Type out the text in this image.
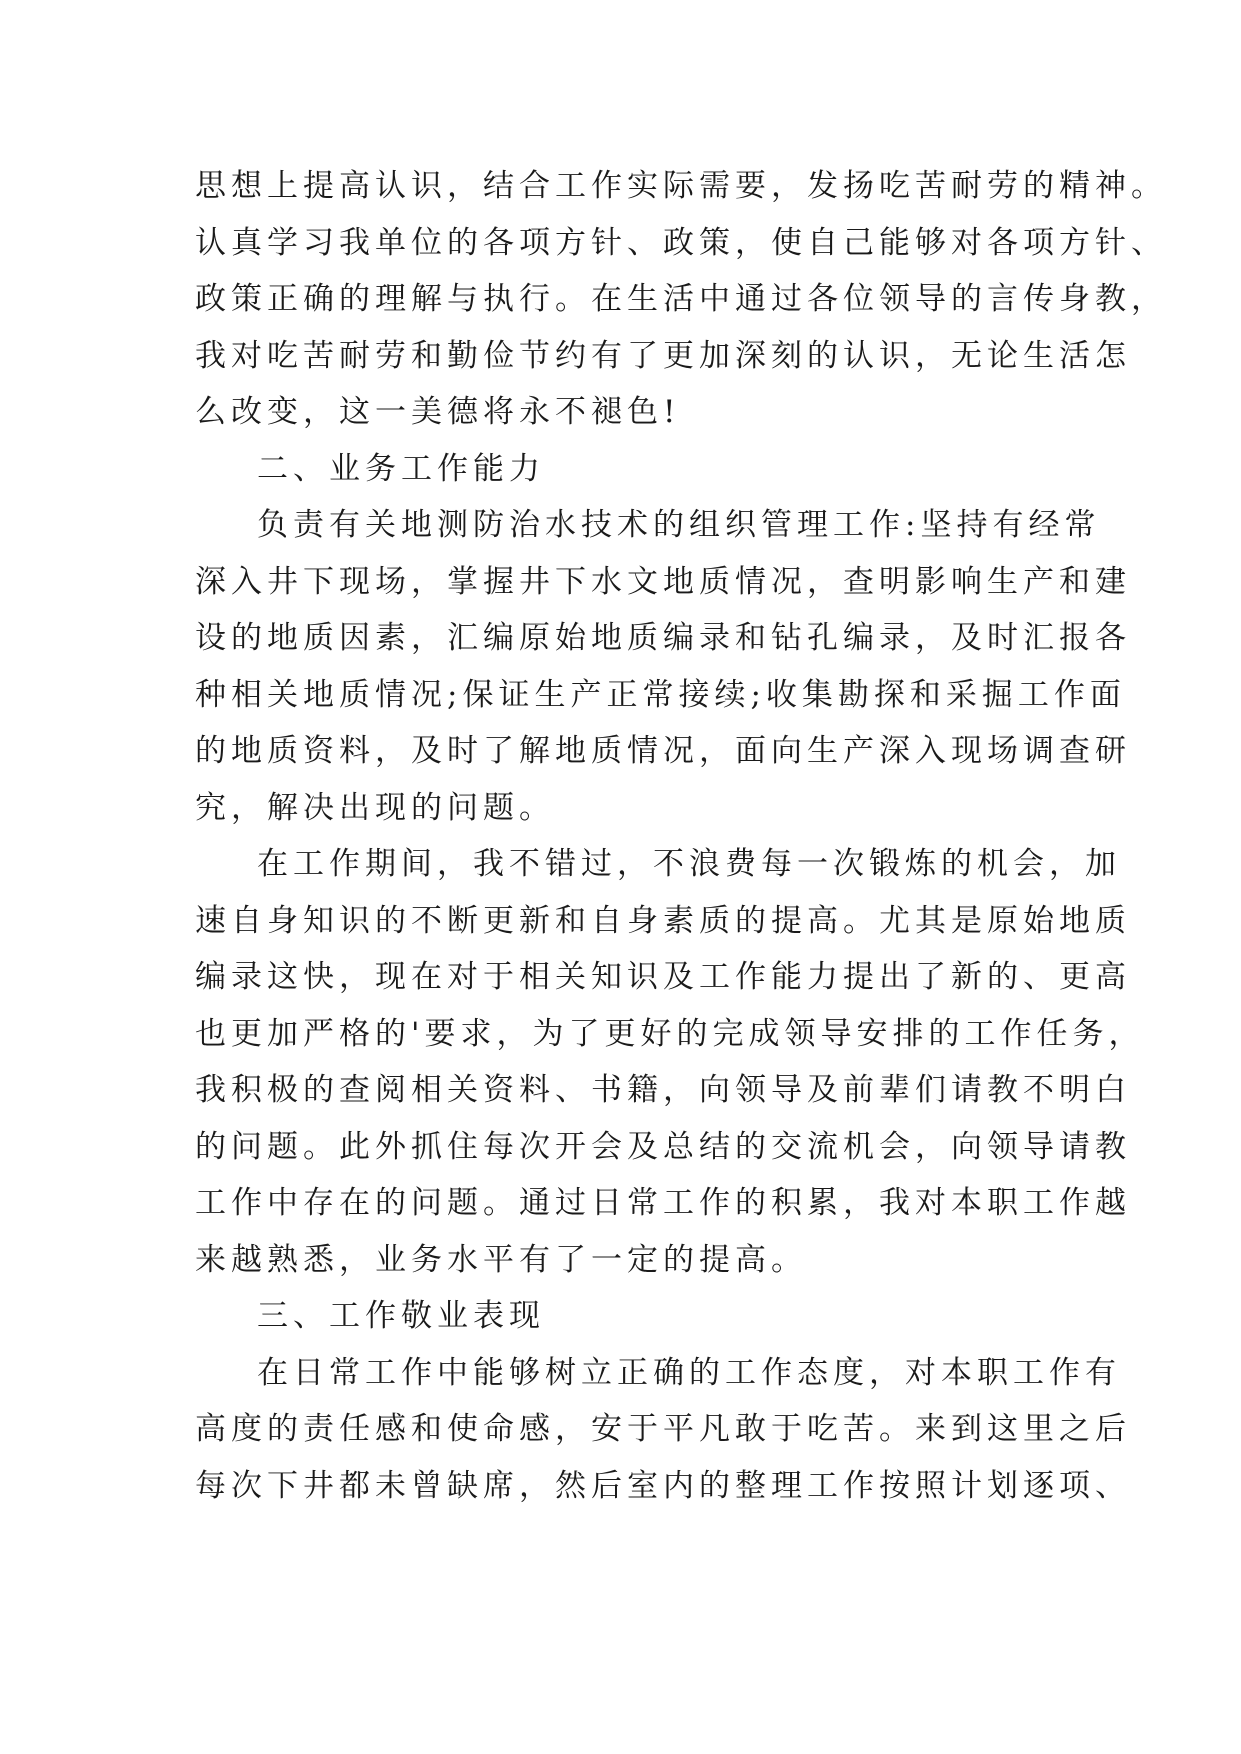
思想上提高认识，结合工作实际需要，发扬吃苦耐劳的精神。
认真学习我单位的各项方针、政策，使自己能够对各项方针、
政策正确的理解与执行。在生活中通过各位领导的言传身教，
我对吃苦耐劳和勤俭节约有了更加深刻的认识，无论生活怎
么改变，这一美德将永不褪色!
二、业务工作能力
负责有关地测防治水技术的组织管理工作:坚持有经常
深入井下现场，掌握井下水文地质情况，查明影响生产和建
设的地质因素，汇编原始地质编录和钻孔编录，及时汇报各
种相关地质情况;保证生产正常接续;收集勘探和采掘工作面
的地质资料，及时了解地质情况，面向生产深入现场调查研
究，解决出现的问题。
在工作期间，我不错过，不浪费每一次锻炼的机会，加
速自身知识的不断更新和自身素质的提高。尤其是原始地质
编录这快，现在对于相关知识及工作能力提出了新的、更高
也更加严格的'要求，为了更好的完成领导安排的工作任务，
我积极的查阅相关资料、书籍，向领导及前辈们请教不明白
的问题。此外抓住每次开会及总结的交流机会，向领导请教
工作中存在的问题。通过日常工作的积累，我对本职工作越
来越熟悉，业务水平有了一定的提高。
三、工作敬业表现
在日常工作中能够树立正确的工作态度，对本职工作有
高度的责任感和使命感，安于平凡敢于吃苦。来到这里之后
每次下井都未曾缺席，然后室内的整理工作按照计划逐项、
